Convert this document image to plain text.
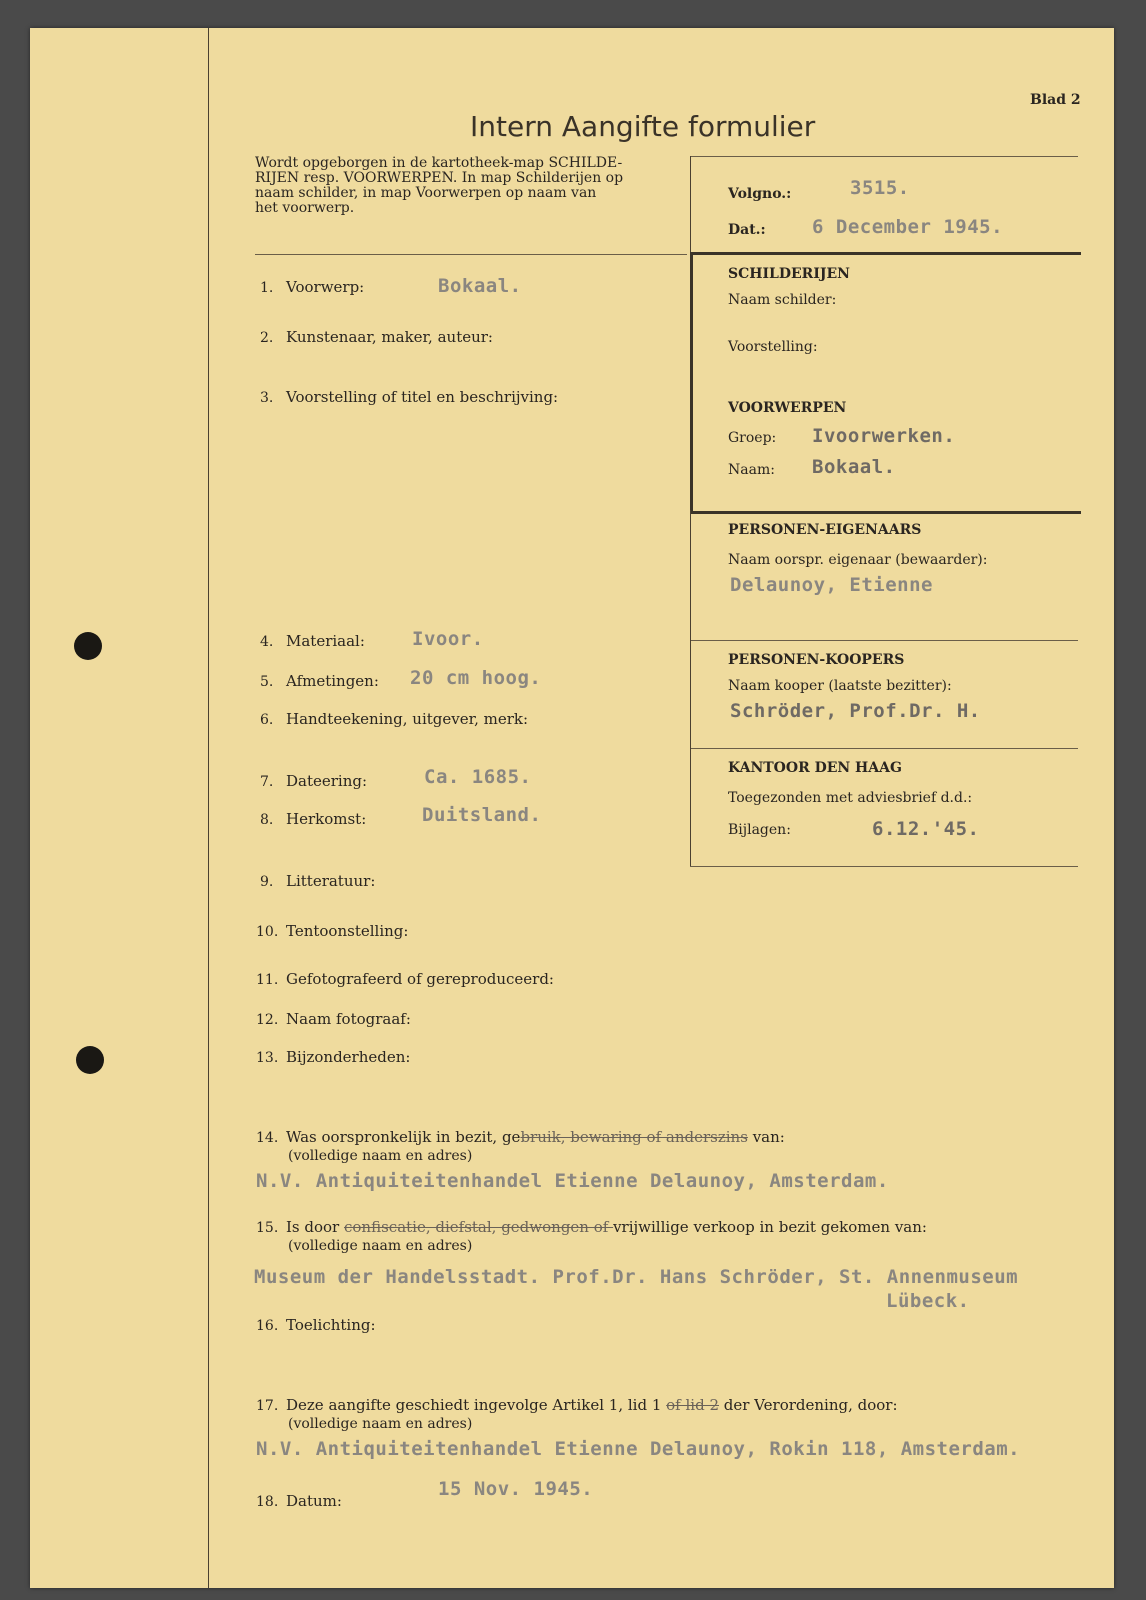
Blad 2
Intern Aangifte formulier
Wordt opgeborgen in de kartotheek-map SCHILDE-
RIJEN resp. VOORWERPEN. In map Schilderijen op
naam schilder, in map Voorwerpen op naam van
het voorwerp.
Volgno.:	3515.
Dat.: 6 December 1945.
SCHILDERIJEN
Naam schilder:
Voorstelling:
VOORWERPEN
Groep: Ivoorwerken.
Naam: Bokaal.
PERSONEN-EIGENAARS
Naam oorspr. eigenaar (bewaarder):
Delaunoy, Etienne
PERSONEN-KOOPERS
Naam kooper (laatste bezitter):
Schröder, Prof.Dr. H.
KANTOOR DEN HAAG
Toegezonden met adviesbrief d.d.:
Bijlagen:	6.12.'45.
1. Voorwerp:	Bokaal.
2. Kunstenaar, maker, auteur:
3. Voorstelling of titel en beschrijving:
4. Materiaal: Ivoor.
5. Afmetingen: 20 cm hoog.
6. Handteekening, uitgever, merk:
7. Dateering:	Ca. 1685.
8. Herkomst:	Duitsland.
9. Litteratuur:
10. Tentoonstelling:
11. Gefotografeerd of gereproduceerd:
12. Naam fotograaf:
13. Bijzonderheden:
14. Was oorspronkelijk in bezit, gebruik, bewaring of anderszins van:
(volledige naam en adres)
N.V. Antiquiteitenhandel Etienne Delaunoy, Amsterdam.
15. Is door confiscatie, diefstal, gedwongen of vrijwillige verkoop in bezit gekomen van:
(volledige naam en adres)
Museum der Handelsstadt. Prof.Dr. Hans Schröder, St. Annenmuseum
Lübeck.
16. Toelichting:
17. Deze aangifte geschiedt ingevolge Artikel 1, lid 1 of lid 2 der Verordening, door:
(volledige naam en adres)
N.V. Antiquiteitenhandel Etienne Delaunoy, Rokin 118, Amsterdam.
18. Datum:
15 Nov. 1945.
